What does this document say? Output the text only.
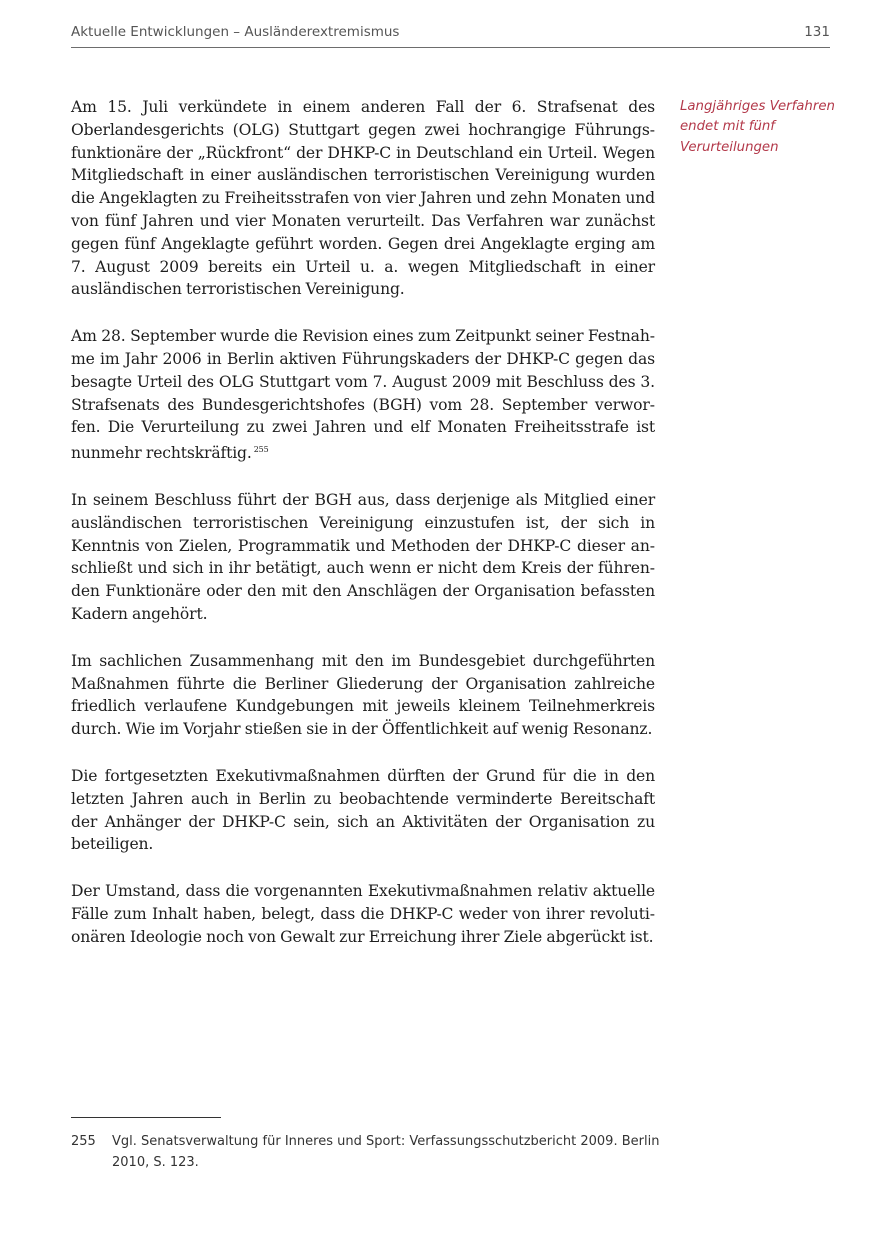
Aktuelle Entwicklungen – Ausländerextremismus	131

Am 15. Juli verkündete in einem anderen Fall der 6. Strafsenat des Oberlandesgerichts (OLG) Stuttgart gegen zwei hochrangige Führungsfunktionäre der „Rückfront“ der DHKP-C in Deutschland ein Urteil. Wegen Mitgliedschaft in einer ausländischen terroristischen Vereinigung wurden die Angeklagten zu Freiheitsstrafen von vier Jahren und zehn Monaten und von fünf Jahren und vier Monaten verurteilt. Das Verfahren war zunächst gegen fünf Angeklagte geführt worden. Gegen drei Angeklagte erging am 7. August 2009 bereits ein Urteil u. a. wegen Mitgliedschaft in einer ausländischen terroristischen Vereinigung.

Am 28. September wurde die Revision eines zum Zeitpunkt seiner Festnahme im Jahr 2006 in Berlin aktiven Führungskaders der DHKP-C gegen das besagte Urteil des OLG Stuttgart vom 7. August 2009 mit Beschluss des 3. Strafsenats des Bundesgerichtshofes (BGH) vom 28. September verworfen. Die Verurteilung zu zwei Jahren und elf Monaten Freiheitsstrafe ist nunmehr rechtskräftig. $^{255}$

In seinem Beschluss führt der BGH aus, dass derjenige als Mitglied einer ausländischen terroristischen Vereinigung einzustufen ist, der sich in Kenntnis von Zielen, Programmatik und Methoden der DHKP-C dieser anschließt und sich in ihr betätigt, auch wenn er nicht dem Kreis der führenden Funktionäre oder den mit den Anschlägen der Organisation befassten Kadern angehört.

Im sachlichen Zusammenhang mit den im Bundesgebiet durchgeführten Maßnahmen führte die Berliner Gliederung der Organisation zahlreiche friedlich verlaufene Kundgebungen mit jeweils kleinem Teilnehmerkreis durch. Wie im Vorjahr stießen sie in der Öffentlichkeit auf wenig Resonanz.

Die fortgesetzten Exekutivmaßnahmen dürften der Grund für die in den letzten Jahren auch in Berlin zu beobachtende verminderte Bereitschaft der Anhänger der DHKP-C sein, sich an Aktivitäten der Organisation zu beteiligen.

Der Umstand, dass die vorgenannten Exekutivmaßnahmen relativ aktuelle Fälle zum Inhalt haben, belegt, dass die DHKP-C weder von ihrer revolutionären Ideologie noch von Gewalt zur Erreichung ihrer Ziele abgerückt ist.

Langjähriges Verfahren
endet mit fünf
Verurteilungen
255 Vgl. Senatsverwaltung für Inneres und Sport: Verfassungsschutzbericht 2009. Berlin 2010, S. 123.
